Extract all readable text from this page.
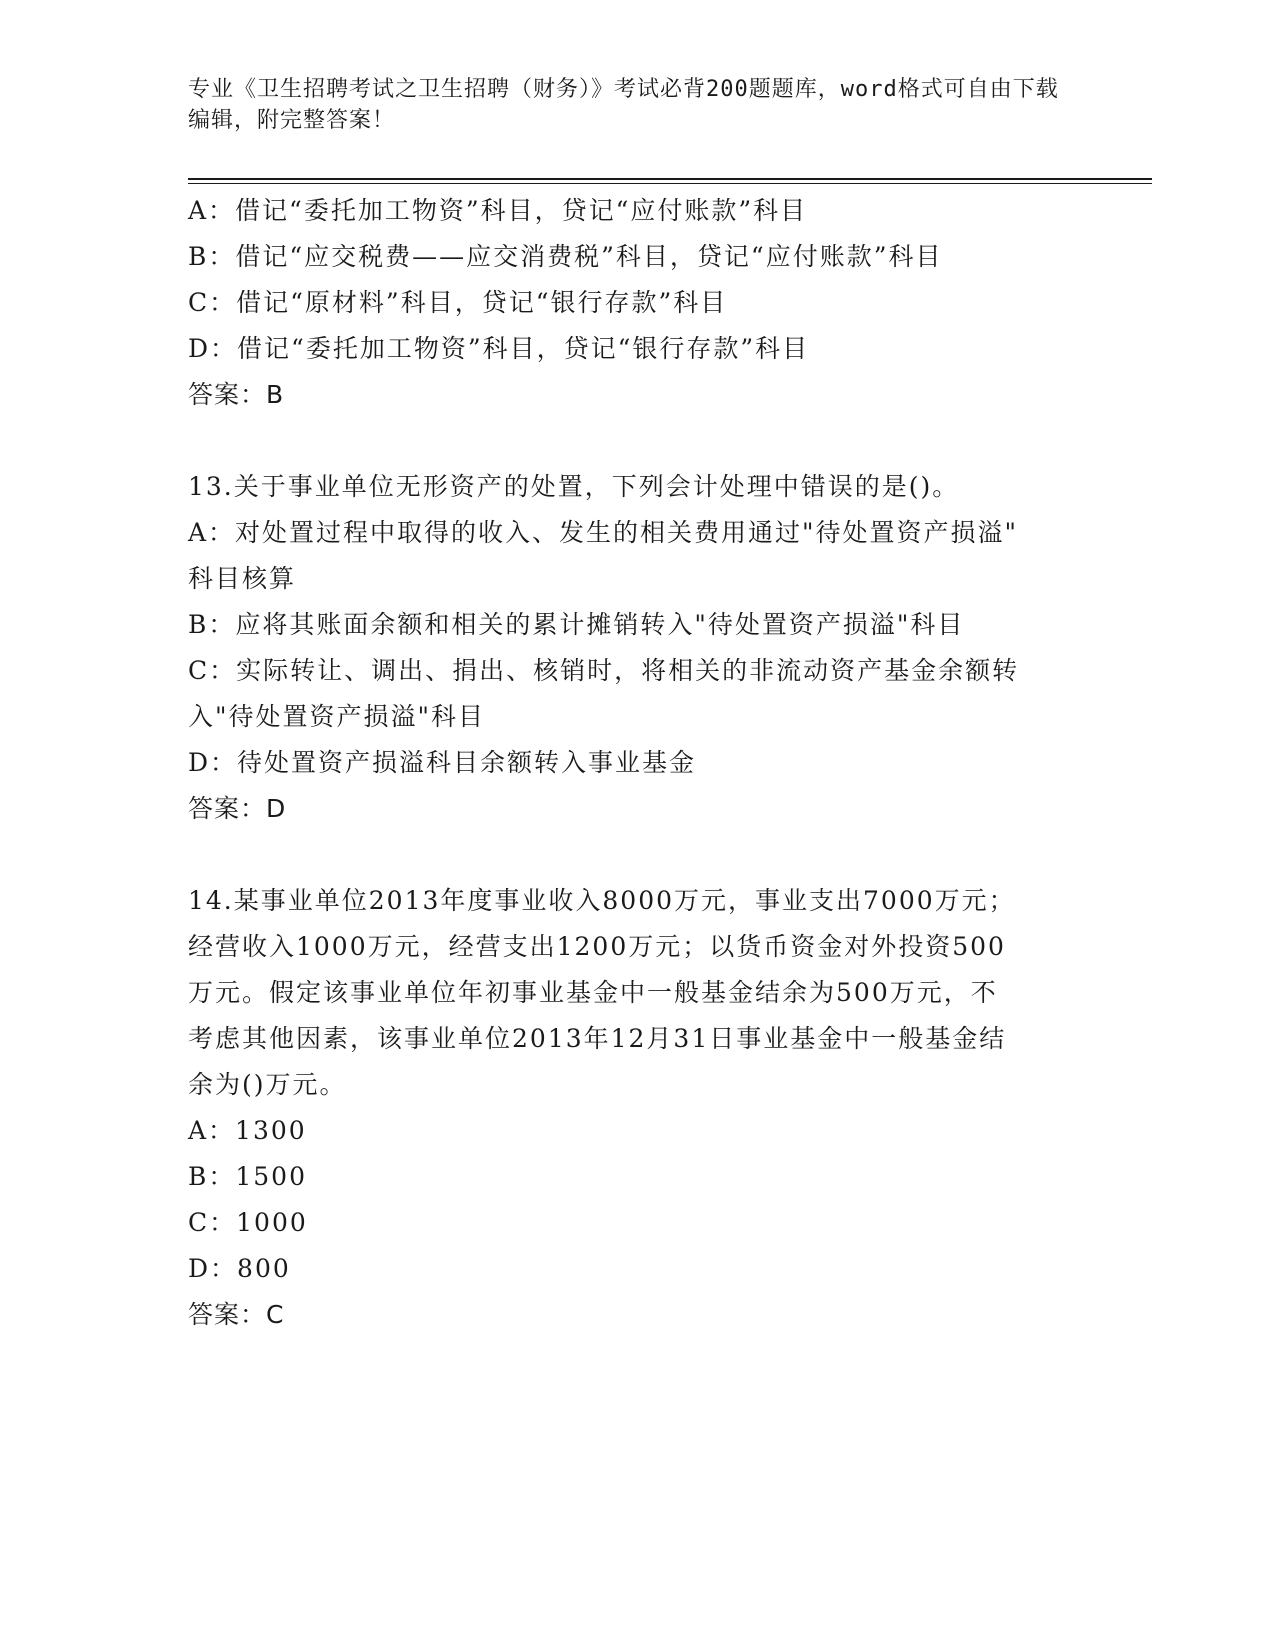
专业《卫生招聘考试之卫生招聘（财务）》考试必背200题题库，word格式可自由下载编辑，附完整答案！
A：借记“委托加工物资”科目，贷记“应付账款”科目
B：借记“应交税费——应交消费税”科目，贷记“应付账款”科目
C：借记“原材料”科目，贷记“银行存款”科目
D：借记“委托加工物资”科目，贷记“银行存款”科目
答案：B
13.关于事业单位无形资产的处置，下列会计处理中错误的是()。
A：对处置过程中取得的收入、发生的相关费用通过"待处置资产损溢"
科目核算
B：应将其账面余额和相关的累计摊销转入"待处置资产损溢"科目
C：实际转让、调出、捐出、核销时，将相关的非流动资产基金余额转
入"待处置资产损溢"科目
D：待处置资产损溢科目余额转入事业基金
答案：D
14.某事业单位2013年度事业收入8000万元，事业支出7000万元；
经营收入1000万元，经营支出1200万元；以货币资金对外投资500
万元。假定该事业单位年初事业基金中一般基金结余为500万元，不
考虑其他因素，该事业单位2013年12月31日事业基金中一般基金结
余为()万元。
A：1300
B：1500
C：1000
D：800
答案：C
